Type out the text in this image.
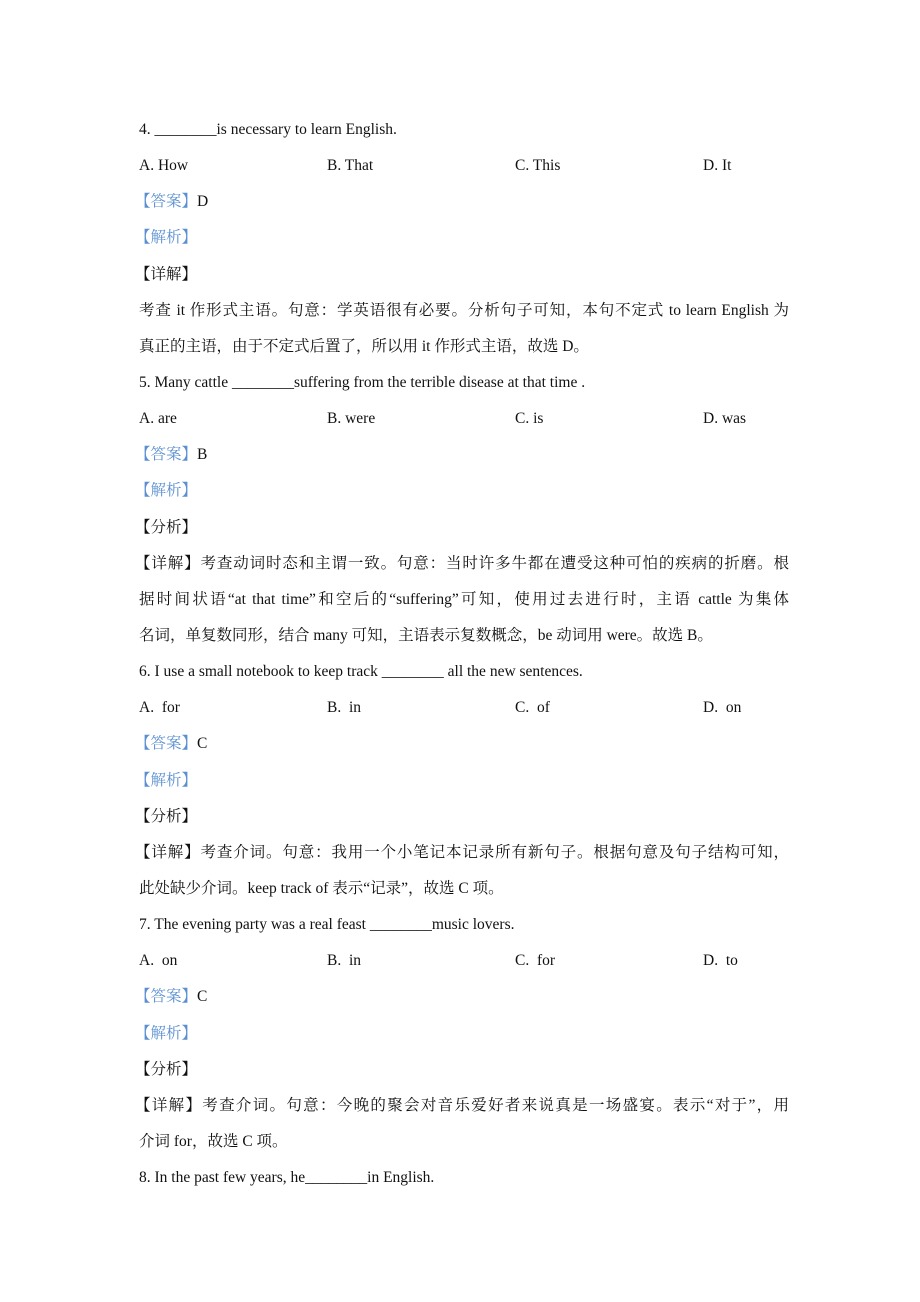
4. ________is necessary to learn English.
A. How	B. That	C. This	D. It
【答案】D
【解析】
【详解】
考查 it 作形式主语。句意：学英语很有必要。分析句子可知，本句不定式 to learn English 为
真正的主语，由于不定式后置了，所以用 it 作形式主语，故选 D。
5. Many cattle ________suffering from the terrible disease at that time .
A. are	B. were	C. is	D. was
【答案】B
【解析】
【分析】
【详解】考查动词时态和主谓一致。句意：当时许多牛都在遭受这种可怕的疾病的折磨。根
据时间状语“at that time”和空后的“suffering”可知，使用过去进行时，主语 cattle 为集体
名词，单复数同形，结合 many 可知，主语表示复数概念，be 动词用 were。故选 B。
6. I use a small notebook to keep track ________ all the new sentences.
A.  for	B.  in	C.  of	D.  on
【答案】C
【解析】
【分析】
【详解】考查介词。句意：我用一个小笔记本记录所有新句子。根据句意及句子结构可知，
此处缺少介词。keep track of 表示“记录”，故选 C 项。
7. The evening party was a real feast ________music lovers.
A.  on	B.  in	C.  for	D.  to
【答案】C
【解析】
【分析】
【详解】考查介词。句意：今晚的聚会对音乐爱好者来说真是一场盛宴。表示“对于”，用
介词 for，故选 C 项。
8. In the past few years, he________in English.
